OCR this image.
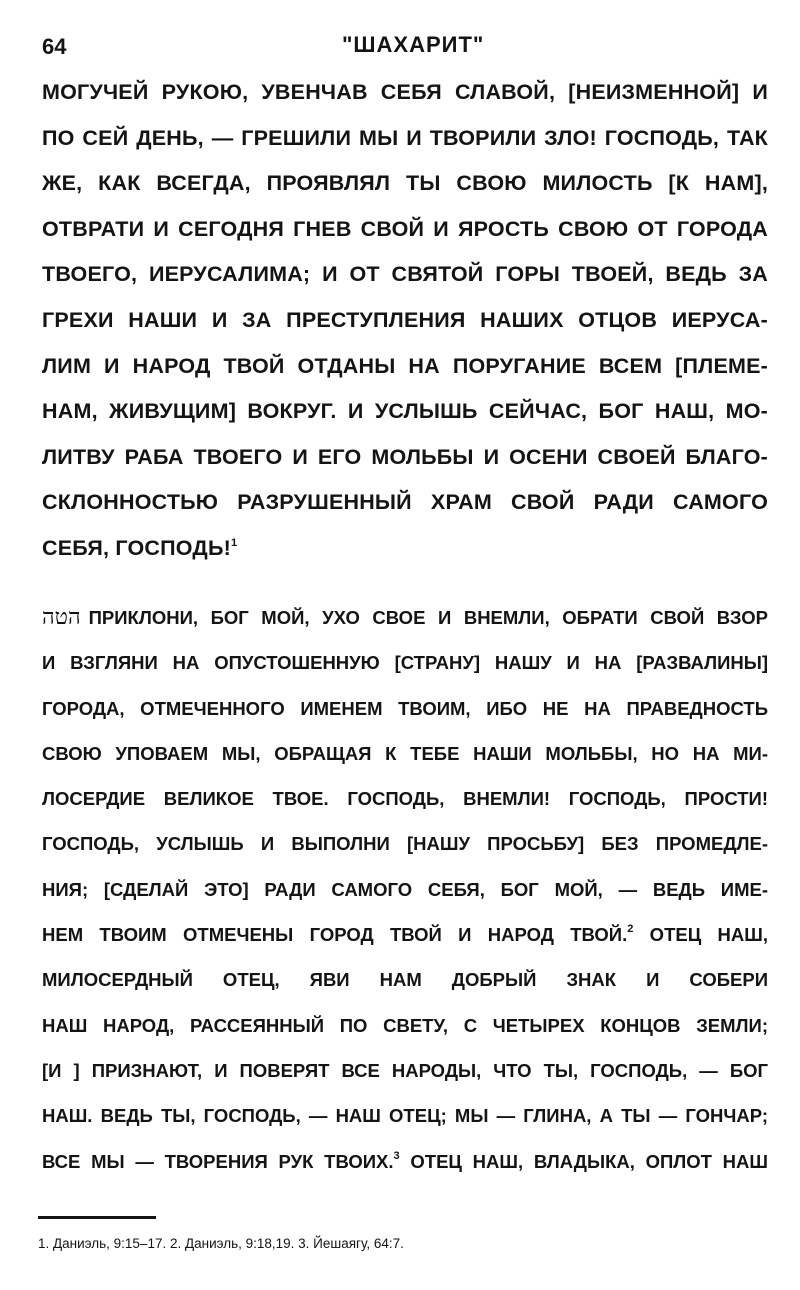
64	"ШАХАРИТ"
МОГУЧЕЙ РУКОЮ, УВЕНЧАВ СЕБЯ СЛАВОЙ, [НЕИЗМЕННОЙ] И
ПО СЕЙ ДЕНЬ, — ГРЕШИЛИ МЫ И ТВОРИЛИ ЗЛО! ГОСПОДЬ, ТАК
ЖЕ, КАК ВСЕГДА, ПРОЯВЛЯЛ ТЫ СВОЮ МИЛОСТЬ [К НАМ],
ОТВРАТИ И СЕГОДНЯ ГНЕВ СВОЙ И ЯРОСТЬ СВОЮ ОТ ГОРОДА
ТВОЕГО, ИЕРУСАЛИМА; И ОТ СВЯТОЙ ГОРЫ ТВОЕЙ, ВЕДЬ ЗА
ГРЕХИ НАШИ И ЗА ПРЕСТУПЛЕНИЯ НАШИХ ОТЦОВ ИЕРУСА-
ЛИМ И НАРОД ТВОЙ ОТДАНЫ НА ПОРУГАНИЕ ВСЕМ [ПЛЕМЕ-
НАМ, ЖИВУЩИМ] ВОКРУГ. И УСЛЫШЬ СЕЙЧАС, БОГ НАШ, МО-
ЛИТВУ РАБА ТВОЕГО И ЕГО МОЛЬБЫ И ОСЕНИ СВОЕЙ БЛАГО-
СКЛОННОСТЬЮ РАЗРУШЕННЫЙ ХРАМ СВОЙ РАДИ САМОГО
СЕБЯ, ГОСПОДЬ!$^1$
הטה ПРИКЛОНИ, БОГ МОЙ, УХО СВОЕ И ВНЕМЛИ, ОБРАТИ СВОЙ ВЗОР
И ВЗГЛЯНИ НА ОПУСТОШЕННУЮ [СТРАНУ] НАШУ И НА [РАЗВАЛИНЫ]
ГОРОДА, ОТМЕЧЕННОГО ИМЕНЕМ ТВОИМ, ИБО НЕ НА ПРАВЕДНОСТЬ
СВОЮ УПОВАЕМ МЫ, ОБРАЩАЯ К ТЕБЕ НАШИ МОЛЬБЫ, НО НА МИ-
ЛОСЕРДИЕ ВЕЛИКОЕ ТВОЕ. ГОСПОДЬ, ВНЕМЛИ! ГОСПОДЬ, ПРОСТИ!
ГОСПОДЬ, УСЛЫШЬ И ВЫПОЛНИ [НАШУ ПРОСЬБУ] БЕЗ ПРОМЕДЛЕ-
НИЯ; [СДЕЛАЙ ЭТО] РАДИ САМОГО СЕБЯ, БОГ МОЙ, — ВЕДЬ ИМЕ-
НЕМ ТВОИМ ОТМЕЧЕНЫ ГОРОД ТВОЙ И НАРОД ТВОЙ.$^2$ ОТЕЦ НАШ,
МИЛОСЕРДНЫЙ ОТЕЦ, ЯВИ НАМ ДОБРЫЙ ЗНАК И СОБЕРИ
НАШ НАРОД, РАССЕЯННЫЙ ПО СВЕТУ, С ЧЕТЫРЕХ КОНЦОВ ЗЕМЛИ;
[И ] ПРИЗНАЮТ, И ПОВЕРЯТ ВСЕ НАРОДЫ, ЧТО ТЫ, ГОСПОДЬ, — БОГ
НАШ. ВЕДЬ ТЫ, ГОСПОДЬ, — НАШ ОТЕЦ; МЫ — ГЛИНА, А ТЫ — ГОНЧАР;
ВСЕ МЫ — ТВОРЕНИЯ РУК ТВОИХ.$^3$ ОТЕЦ НАШ, ВЛАДЫКА, ОПЛОТ НАШ
1. Даниэль, 9:15–17. 2. Даниэль, 9:18,19. 3. Йешаягу, 64:7.
